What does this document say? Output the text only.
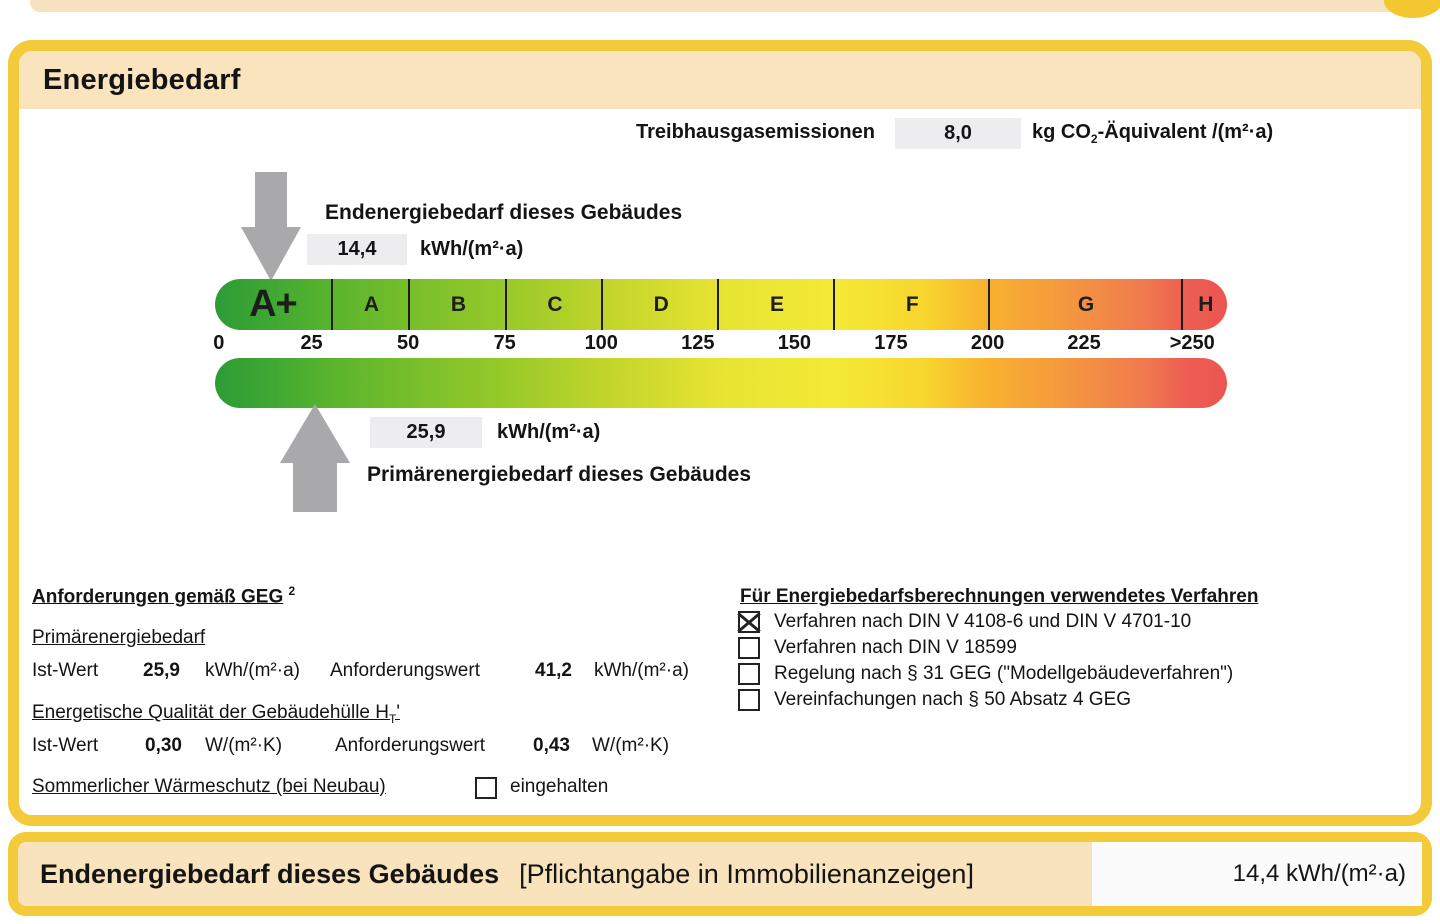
Energiebedarf
Treibhausgasemissionen	8,0	kg $CO_2$-Äquivalent /(m²·a)
Endenergiebedarf dieses Gebäudes
14,4 kWh/(m²·a)
A+	A	B	C	D	E	F	G	H
0	25	50	75	100	125	150	175	200	225	>250
25,9	kWh/(m²·a)
Primärenergiebedarf dieses Gebäudes
Anforderungen gemäß GEG $^2$
Primärenergiebedarf
Ist-Wert 25,9 kWh/(m²·a) Anforderungswert	41,2 kWh/(m²·a)
Energetische Qualität der Gebäudehülle $H_T'$
Ist-Wert 0,30 W/(m²·K)	Anforderungswert	0,43 W/(m²·K)
Sommerlicher Wärmeschutz (bei Neubau)	eingehalten
Für Energiebedarfsberechnungen verwendetes Verfahren
Verfahren nach DIN V 4108-6 und DIN V 4701-10
Verfahren nach DIN V 18599
Regelung nach § 31 GEG ("Modellgebäudeverfahren")
Vereinfachungen nach § 50 Absatz 4 GEG
Endenergiebedarf dieses Gebäudes [Pflichtangabe in Immobilienanzeigen]	14,4 kWh/(m²·a)
